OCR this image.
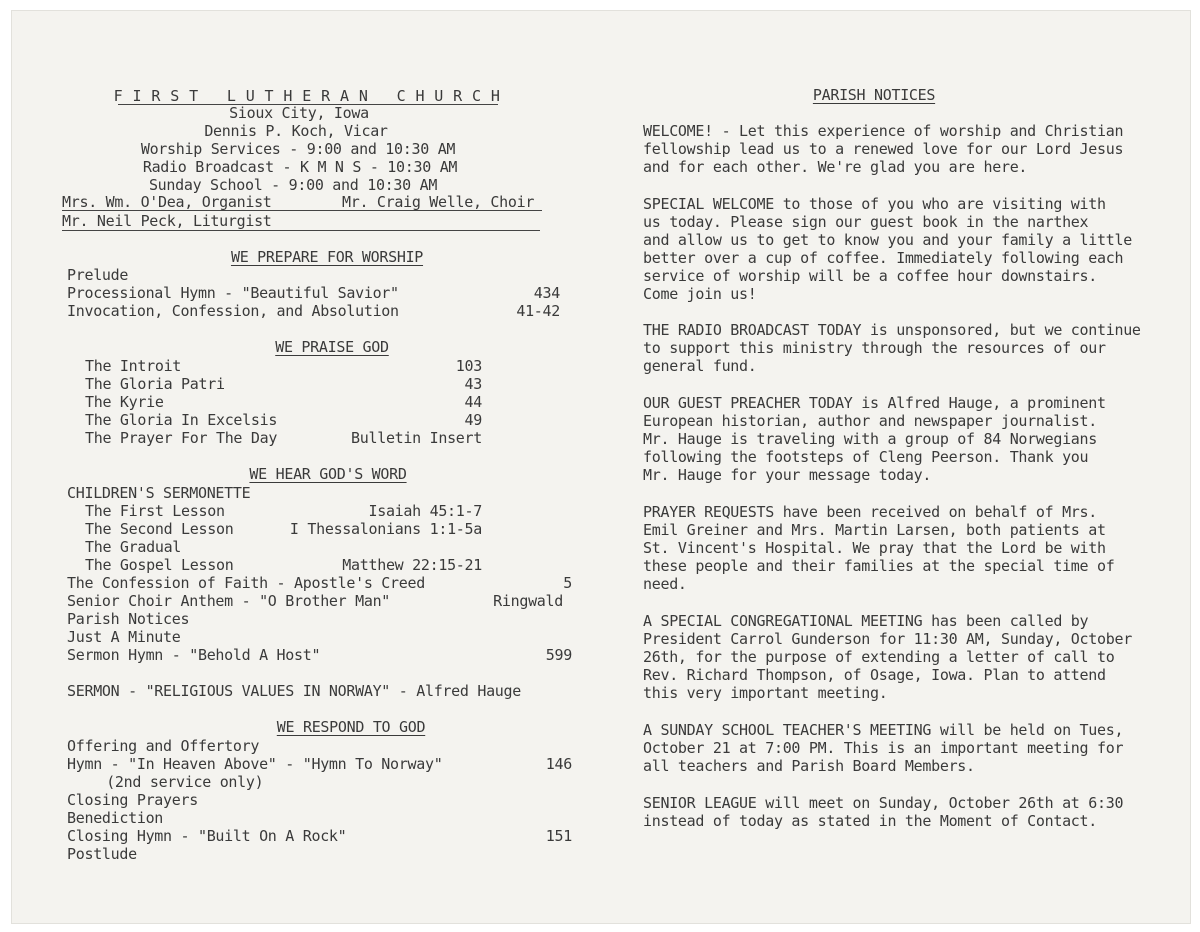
F I R S T   L U T H E R A N   C H U R C H
Sioux City, Iowa
Dennis P. Koch, Vicar
Worship Services - 9:00 and 10:30 AM
Radio Broadcast - K M N S - 10:30 AM
Sunday School - 9:00 and 10:30 AM
Mrs. Wm. O'Dea, Organist	Mr. Craig Welle, Choir
Mr. Neil Peck, Liturgist
WE PREPARE FOR WORSHIP
Prelude
Processional Hymn - "Beautiful Savior"	434
Invocation, Confession, and Absolution	41-42
WE PRAISE GOD
The Introit	103
The Gloria Patri	43
The Kyrie	44
The Gloria In Excelsis	49
The Prayer For The Day	Bulletin Insert
WE HEAR GOD'S WORD
CHILDREN'S SERMONETTE
The First Lesson	Isaiah 45:1-7
The Second Lesson	I Thessalonians 1:1-5a
The Gradual
The Gospel Lesson	Matthew 22:15-21
The Confession of Faith - Apostle's Creed	5
Senior Choir Anthem - "O Brother Man"	Ringwald
Parish Notices
Just A Minute
Sermon Hymn - "Behold A Host"	599
SERMON - "RELIGIOUS VALUES IN NORWAY" - Alfred Hauge
WE RESPOND TO GOD
Offering and Offertory
Hymn - "In Heaven Above" - "Hymn To Norway"	146
(2nd service only)
Closing Prayers
Benediction
Closing Hymn - "Built On A Rock"	151
Postlude
PARISH NOTICES
WELCOME! - Let this experience of worship and Christian
fellowship lead us to a renewed love for our Lord Jesus
and for each other. We're glad you are here.
SPECIAL WELCOME to those of you who are visiting with
us today. Please sign our guest book in the narthex
and allow us to get to know you and your family a little
better over a cup of coffee. Immediately following each
service of worship will be a coffee hour downstairs.
Come join us!
THE RADIO BROADCAST TODAY is unsponsored, but we continue
to support this ministry through the resources of our
general fund.
OUR GUEST PREACHER TODAY is Alfred Hauge, a prominent
European historian, author and newspaper journalist.
Mr. Hauge is traveling with a group of 84 Norwegians
following the footsteps of Cleng Peerson. Thank you
Mr. Hauge for your message today.
PRAYER REQUESTS have been received on behalf of Mrs.
Emil Greiner and Mrs. Martin Larsen, both patients at
St. Vincent's Hospital. We pray that the Lord be with
these people and their families at the special time of
need.
A SPECIAL CONGREGATIONAL MEETING has been called by
President Carrol Gunderson for 11:30 AM, Sunday, October
26th, for the purpose of extending a letter of call to
Rev. Richard Thompson, of Osage, Iowa. Plan to attend
this very important meeting.
A SUNDAY SCHOOL TEACHER'S MEETING will be held on Tues,
October 21 at 7:00 PM. This is an important meeting for
all teachers and Parish Board Members.
SENIOR LEAGUE will meet on Sunday, October 26th at 6:30
instead of today as stated in the Moment of Contact.
